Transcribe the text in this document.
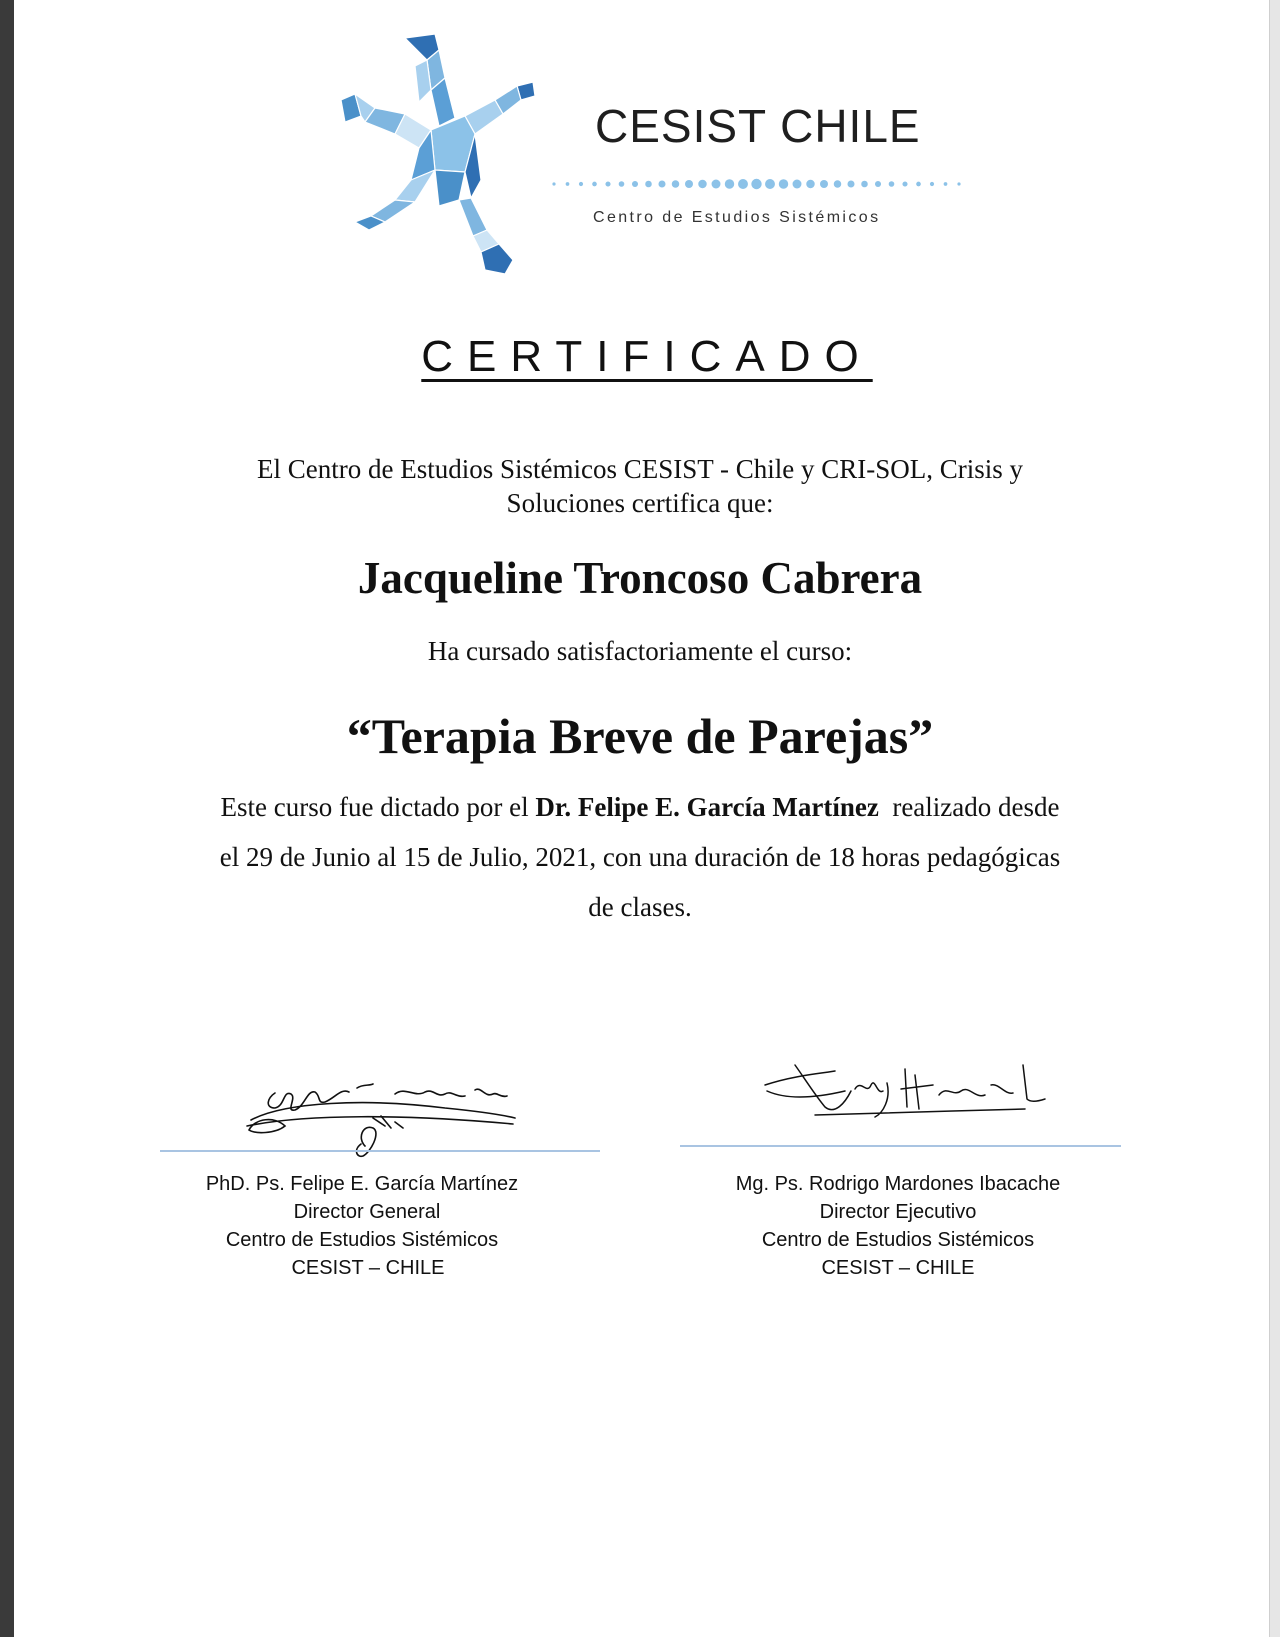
CESIST CHILE
Centro de Estudios Sistémicos
CERTIFICADO
El Centro de Estudios Sistémicos CESIST - Chile y CRI-SOL, Crisis y
Soluciones certifica que:
Jacqueline Troncoso Cabrera
Ha cursado satisfactoriamente el curso:
“Terapia Breve de Parejas”
Este curso fue dictado por el Dr. Felipe E. García Martínez realizado desde
el 29 de Junio al 15 de Julio, 2021, con una duración de 18 horas pedagógicas
de clases.
PhD. Ps. Felipe E. García Martínez
Director General
Centro de Estudios Sistémicos
CESIST – CHILE
Mg. Ps. Rodrigo Mardones Ibacache
Director Ejecutivo
Centro de Estudios Sistémicos
CESIST – CHILE
